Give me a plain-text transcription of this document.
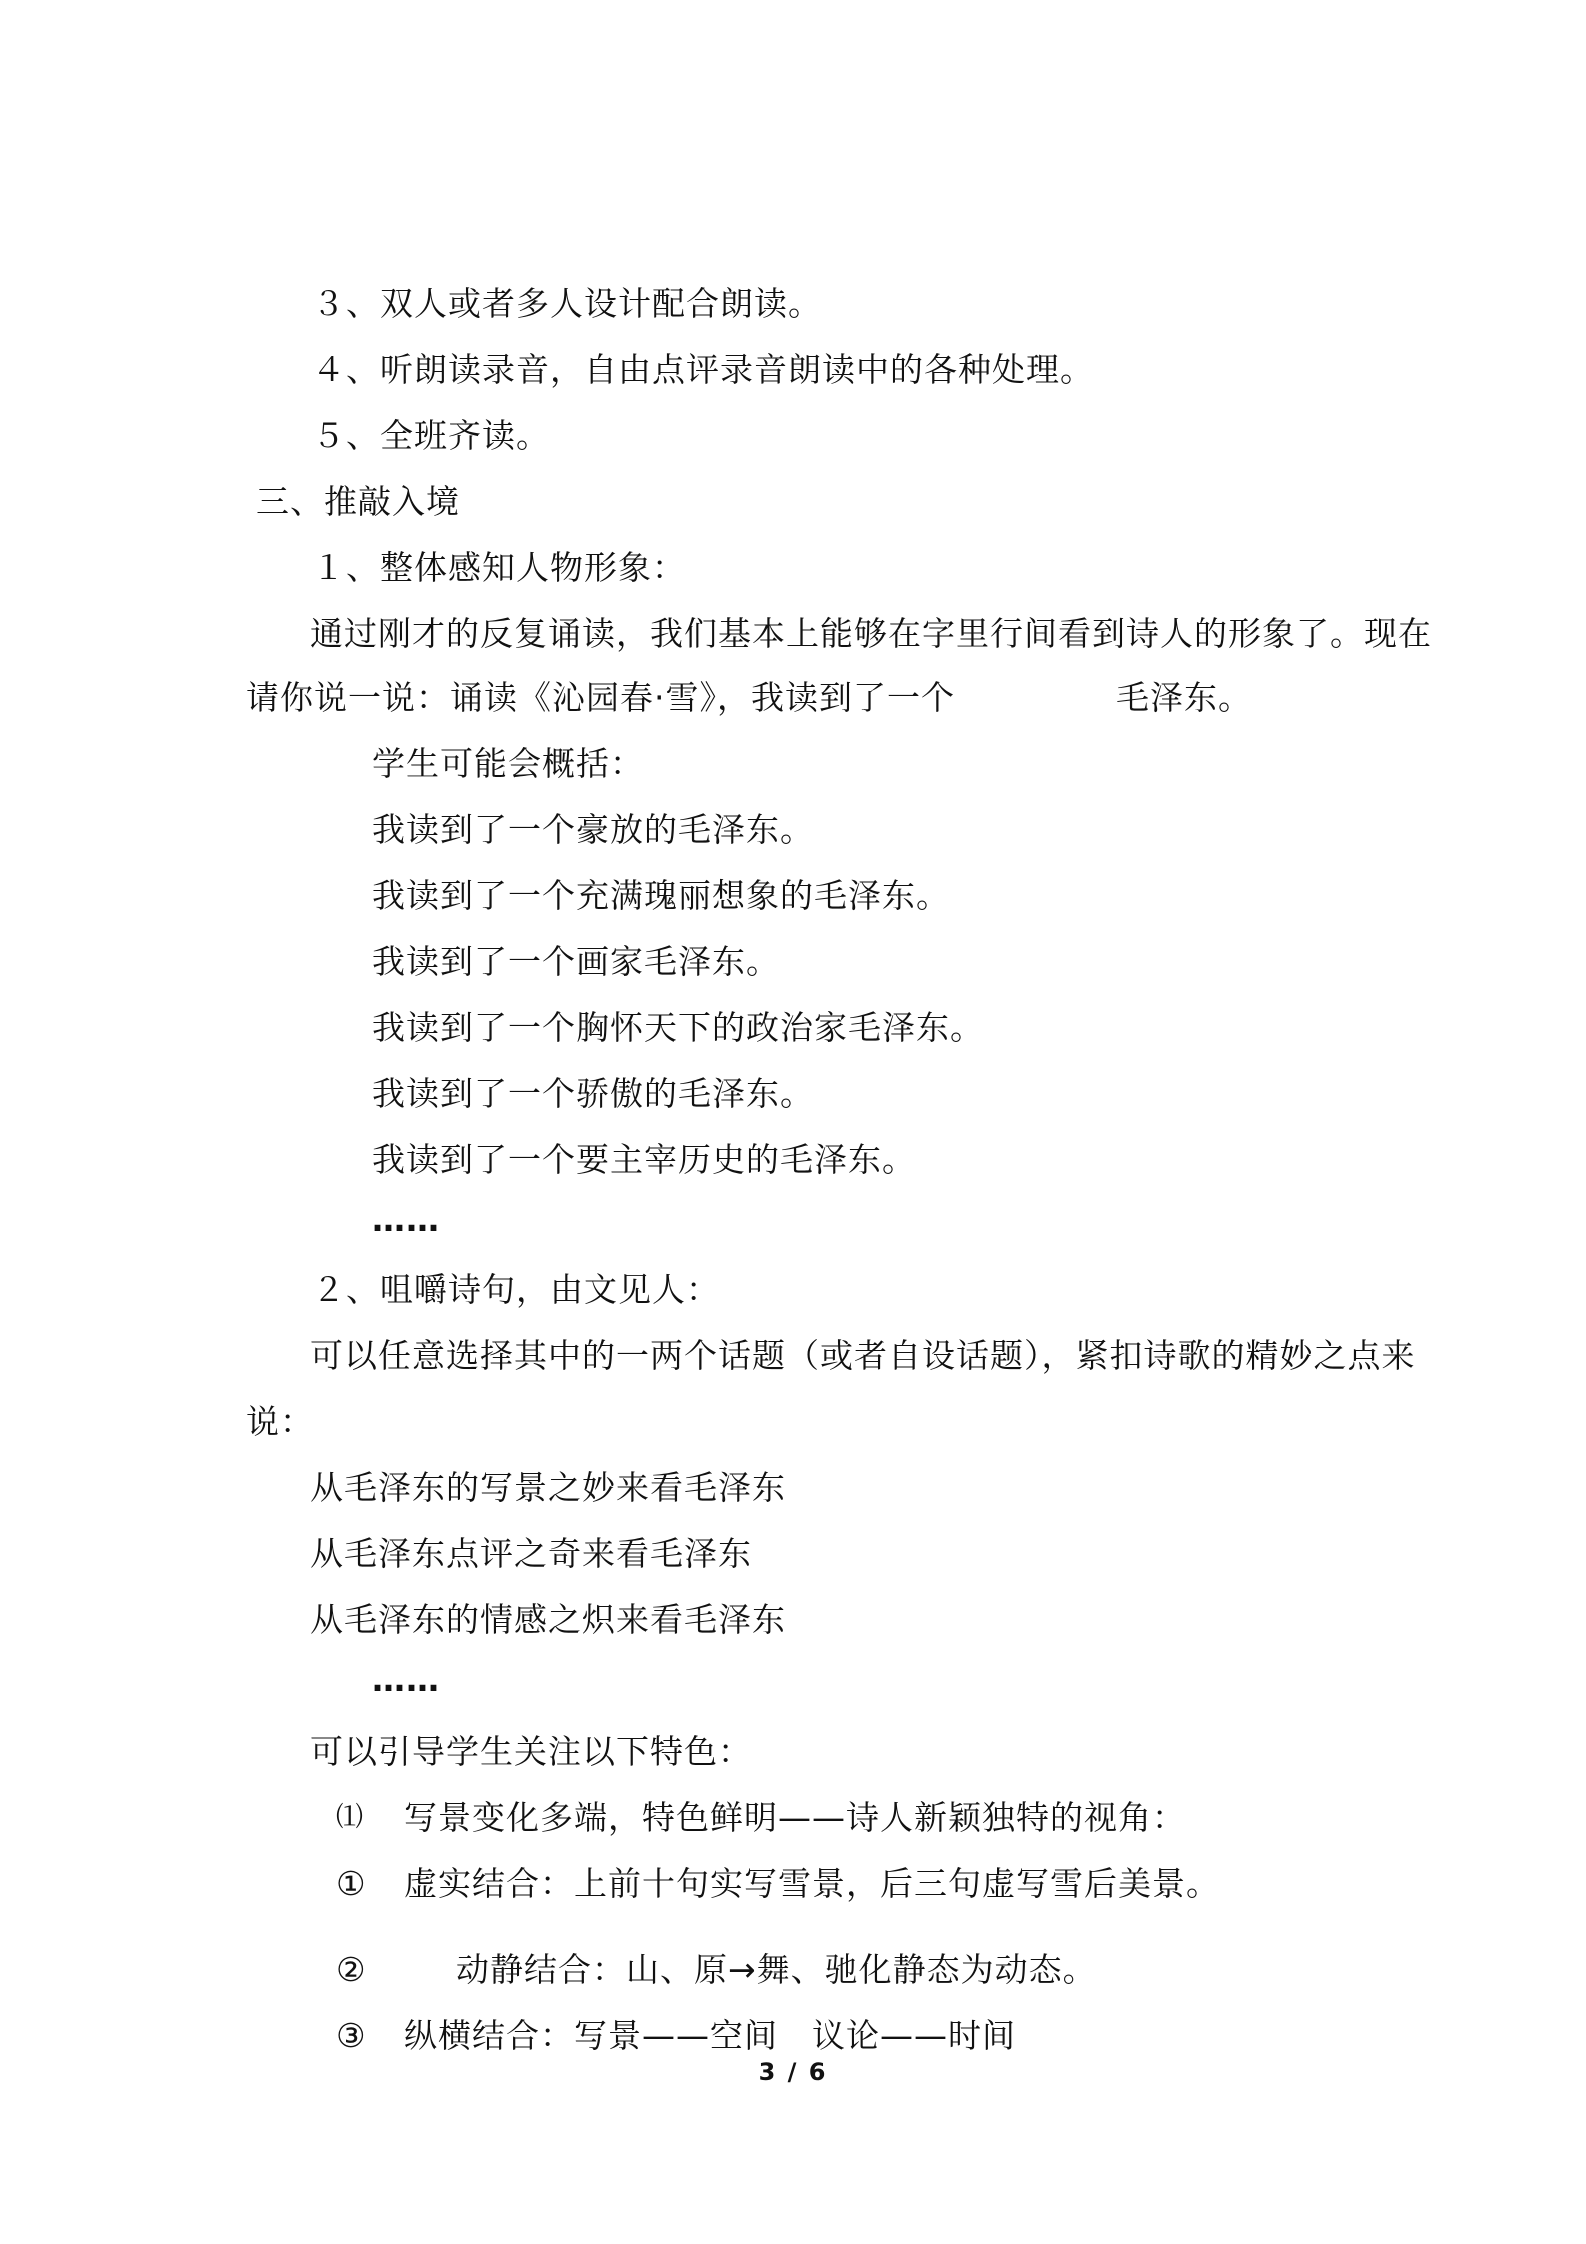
３、双人或者多人设计配合朗读。
４、听朗读录音，自由点评录音朗读中的各种处理。
５、全班齐读。
三、推敲入境
１、整体感知人物形象：
通过刚才的反复诵读，我们基本上能够在字里行间看到诗人的形象了。现在
请你说一说：诵读《沁园春·雪》，我读到了一个	毛泽东。
学生可能会概括：
我读到了一个豪放的毛泽东。
我读到了一个充满瑰丽想象的毛泽东。
我读到了一个画家毛泽东。
我读到了一个胸怀天下的政治家毛泽东。
我读到了一个骄傲的毛泽东。
我读到了一个要主宰历史的毛泽东。
……
２、咀嚼诗句，由文见人：
可以任意选择其中的一两个话题（或者自设话题），紧扣诗歌的精妙之点来
说：
从毛泽东的写景之妙来看毛泽东
从毛泽东点评之奇来看毛泽东
从毛泽东的情感之炽来看毛泽东
……
可以引导学生关注以下特色：
⑴ 写景变化多端，特色鲜明——诗人新颖独特的视角：
① 虚实结合：上前十句实写雪景，后三句虚写雪后美景。
②	动静结合：山、原→舞、驰化静态为动态。
③ 纵横结合：写景——空间　议论——时间
3 / 6
